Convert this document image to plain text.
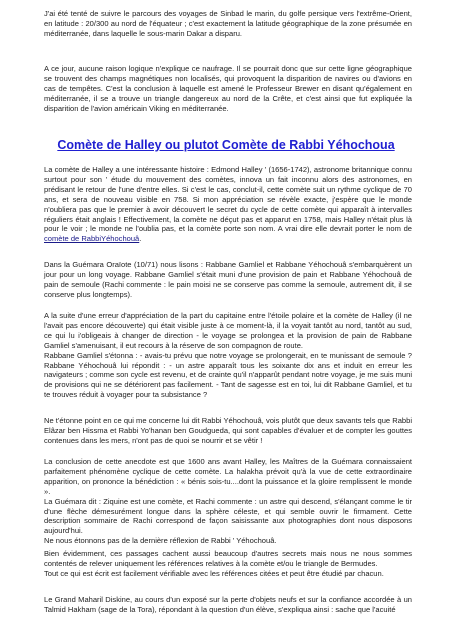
J'ai été tenté de suivre le parcours des voyages de Sinbad le marin, du golfe persique vers l'extrême-Orient, en latitude : 20/300 au nord de l'équateur ; c'est exactement la latitude géographique de la zone présumée en méditerranée, dans laquelle le sous-marin Dakar a disparu.

A ce jour, aucune raison logique n'explique ce naufrage. Il se pourrait donc que sur cette ligne géographique se trouvent des champs magnétiques non localisés, qui provoquent la disparition de navires ou d'avions en cas de tempêtes. C'est la conclusion à laquelle est amené le Professeur Brewer en disant qu'également en méditerranée, il se a trouve un triangle dangereux au nord de la Crête, et c'est ainsi que fut expliquée la disparition de l'avion américain Viking en méditerranée.

Comète de Halley ou plutot Comète de Rabbi Yéhochoua

La comète de Halley a une intéressante histoire : Edmond Halley ' (1656-1742), astronome britannique connu surtout pour son ' étude du mouvement des comètes, innova un fait inconnu alors des astronomes, en prédisant le retour de l'une d'entre elles. Si c'est le cas, conclut-il, cette comète suit un rythme cyclique de 70 ans, et sera de nouveau visible en 758. Si mon appréciation se révèle exacte, j'espère que le monde n'oubliera pas que le premier à avoir découvert le secret du cycle de cette comète qui apparaît à intervalles réguliers était anglais ! Effectivement, la comète ne déçut pas et apparut en 1758, mais Halley n'était plus là pour le voir ; le monde ne l'oublia pas, et la comète porte son nom. A vrai dire elle devrait porter le nom de comète de RabbiYéhochouâ.

Dans la Guémara Oraïote (10/71) nous lisons : Rabbane Gamliel et Rabbane Yéhochouâ s'embarquèrent un jour pour un long voyage. Rabbane Gamliel s'était muni d'une provision de pain et Rabbane Yéhochouâ de pain de semoule (Rachi commente : le pain moisi ne se conserve pas comme la semoule, autrement dit, il se conserve plus longtemps).

A la suite d'une erreur d'appréciation de la part du capitaine entre l'étoile polaire et la comète de Halley (il ne l'avait pas encore découverte) qui était visible juste à ce moment-là, il la voyait tantôt au nord, tantôt au sud, ce qui lu i'obligeais à changer de direction - le voyage se prolongea et la provision de pain de Rabbane Gamliel s'amenuisant, il eut recours à la réserve de son compagnon de route.
Rabbane Gamliel s'étonna : - avais-tu prévu que notre voyage se prolongerait, en te munissant de semoule ? Rabbane Yéhochouâ lui répondit : - un astre apparaît tous les soixante dix ans et induit en erreur les navigateurs ; comme son cycle est revenu, et de crainte qu'il n'apparût pendant notre voyage, je me suis muni de provisions qui ne se détériorent pas facilement. - Tant de sagesse est en toi, lui dit Rabbane Gamliel, et tu te trouves réduit à voyager pour ta subsistance ?

Ne t'étonne point en ce qui me concerne lui dit Rabbi Yéhochouâ, vois plutôt que deux savants tels que Rabbi Elâzar ben Hissma et Rabbi Yo'hanan ben Goudgueda, qui sont capables d'évaluer et de compter les gouttes contenues dans les mers, n'ont pas de quoi se nourrir et se vêtir !

La conclusion de cette anecdote est que 1600 ans avant Halley, les Maîtres de la Guémara connaissaient parfaitement phénomène cyclique de cette comète. La halakha prévoit qu'à la vue de cette extraordinaire apparition, on prononce la bénédiction : « bénis sois-tu....dont la puissance et la gloire remplissent le monde ».
La Guémara dit : Ziquine est une comète, et Rachi commente : un astre qui descend, s'élançant comme le tir d'une flèche démesurément longue dans la sphère céleste, et qui semble ouvrir le firmament. Cette description sommaire de Rachi correspond de façon saisissante aux photographies dont nous disposons aujourd'hui.
Ne nous étonnons pas de la dernière réflexion de Rabbi ' Yéhochouâ.

Bien évidemment, ces passages cachent aussi beaucoup d'autres secrets mais nous ne nous sommes contentés de relever uniquement les références relatives à la comète et/ou le triangle de Bermudes.
Tout ce qui est écrit est facilement vérifiable avec les références citées et peut être étudié par chacun.

Le Grand Maharil Diskine, au cours d'un exposé sur la perte d'objets neufs et sur la confiance accordée à un Talmid Hakham (sage de la Tora), répondant à la question d'un élève, s'expliqua ainsi : sache que l'acuité
